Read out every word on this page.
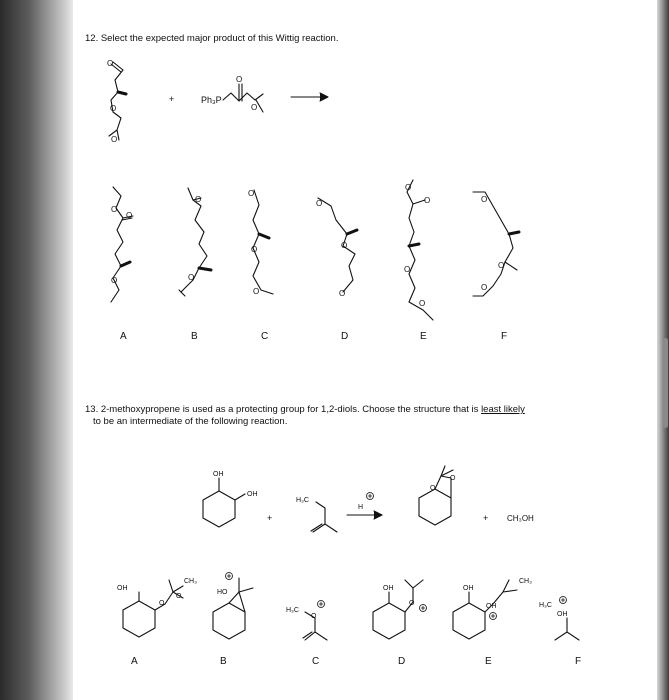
12. Select the expected major product of this Wittig reaction.
O
O
O
+	Ph₃P
O
O
O
O
O
O
O
O
O
O
O
O
O
O
O
O
O
O
O
O
OH
OH
+
H₃C
H
O
O
+ CH₃OH
OH
CH₃
O
O
HO
H₃C
O
OH
O
OH
OH
CH₃
H₃C
OH
A	B	C	D	E	F
13. 2-methoxypropene is used as a protecting group for 1,2-diols. Choose the structure that is least likely
to be an intermediate of the following reaction.
A	B	C	D	E	F
